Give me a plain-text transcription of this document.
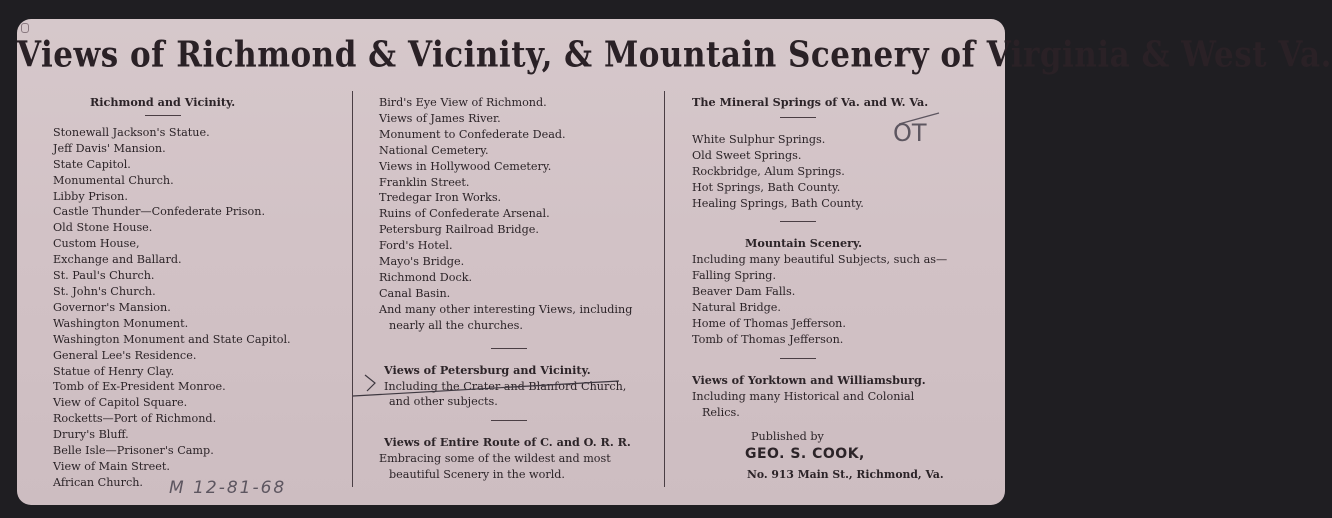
Views of Richmond & Vicinity, & Mountain Scenery of Virginia & West Va.
Richmond and Vicinity.
Stonewall Jackson's Statue.
Jeff Davis' Mansion.
State Capitol.
Monumental Church.
Libby Prison.
Castle Thunder—Confederate Prison.
Old Stone House.
Custom House,
Exchange and Ballard.
St. Paul's Church.
St. John's Church.
Governor's Mansion.
Washington Monument.
Washington Monument and State Capitol.
General Lee's Residence.
Statue of Henry Clay.
Tomb of Ex-President Monroe.
View of Capitol Square.
Rocketts—Port of Richmond.
Drury's Bluff.
Belle Isle—Prisoner's Camp.
View of Main Street.
African Church.
Bird's Eye View of Richmond.
Views of James River.
Monument to Confederate Dead.
National Cemetery.
Views in Hollywood Cemetery.
Franklin Street.
Tredegar Iron Works.
Ruins of Confederate Arsenal.
Petersburg Railroad Bridge.
Ford's Hotel.
Mayo's Bridge.
Richmond Dock.
Canal Basin.
And many other interesting Views, including
nearly all the churches.
Views of Petersburg and Vicinity.
Including the Crater and Blanford Church,
and other subjects.
Views of Entire Route of C. and O. R. R.
Embracing some of the wildest and most
beautiful Scenery in the world.
The Mineral Springs of Va. and W. Va.
White Sulphur Springs.
Old Sweet Springs.
Rockbridge, Alum Springs.
Hot Springs, Bath County.
Healing Springs, Bath County.
Mountain Scenery.
Including many beautiful Subjects, such as—
Falling Spring.
Beaver Dam Falls.
Natural Bridge.
Home of Thomas Jefferson.
Tomb of Thomas Jefferson.
Views of Yorktown and Williamsburg.
Including many Historical and Colonial
Relics.
Published by
GEO. S. COOK,
No. 913 Main St., Richmond, Va.
M 12-81-68
OT
